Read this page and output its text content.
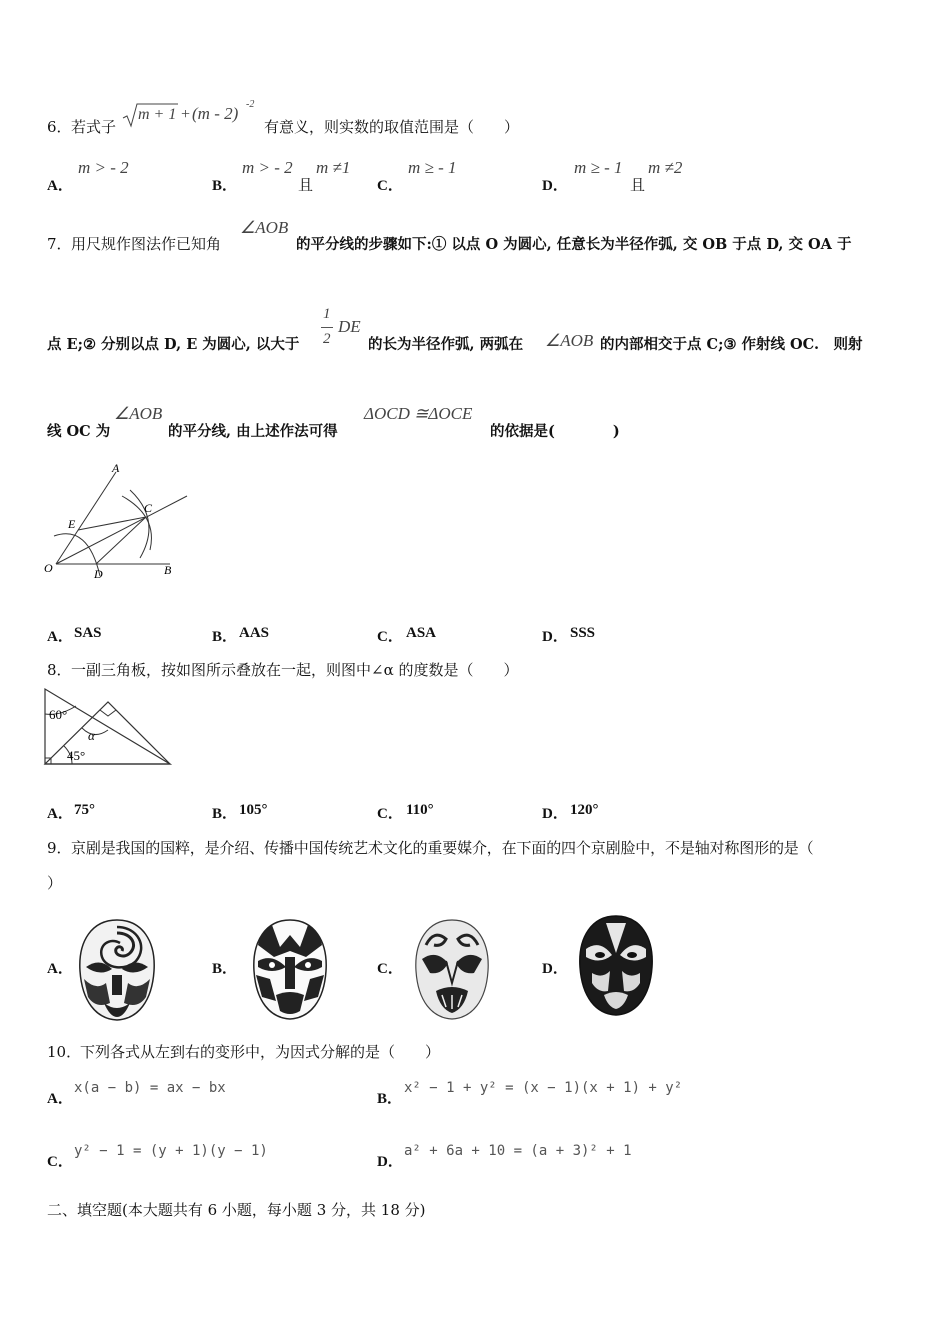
6． 若式子
m + 1 + (m - 2) -2
有意义，则实数的取值范围是（　　）
A．
m > - 2
B．
m > - 2
且
m ≠1
C．
m ≥ - 1
D．
m ≥ - 1
且
m ≠2
7． 用尺规作图法作已知角
∠AOB
的平分线的步骤如下:① 以点 O 为圆心, 任意长为半径作弧, 交 OB 于点 D, 交 OA 于
点 E;② 分别以点 D, E 为圆心, 以大于
1
2
DE
的长为半径作弧, 两弧在 ∠AOB 的内部相交于点 C;③ 作射线 OC.　则射
线 OC 为
∠AOB
的平分线, 由上述作法可得
ΔOCD ≅ΔOCE
的依据是(　　　　)
A
C
E
O	D	B
A． SAS	B． AAS	C． ASA	D． SSS
8． 一副三角板，按如图所示叠放在一起，则图中∠α 的度数是（　　）
60°
α
45°
A． 75°	B． 105°	C． 110°	D． 120°
9． 京剧是我国的国粹，是介绍、传播中国传统艺术文化的重要媒介，在下面的四个京剧脸中，不是轴对称图形的是（
）
A．	B．	C．	D．
10．
下列各式从左到右的变形中，为因式分解的是（　　）
A．
x(a − b) = ax − bx
B．
x² − 1 + y² = (x − 1)(x + 1) + y²
C．
y² − 1 = (y + 1)(y − 1)
D．
a² + 6a + 10 = (a + 3)² + 1
二、填空题(本大题共有 6 小题，每小题 3 分，共 18 分)
